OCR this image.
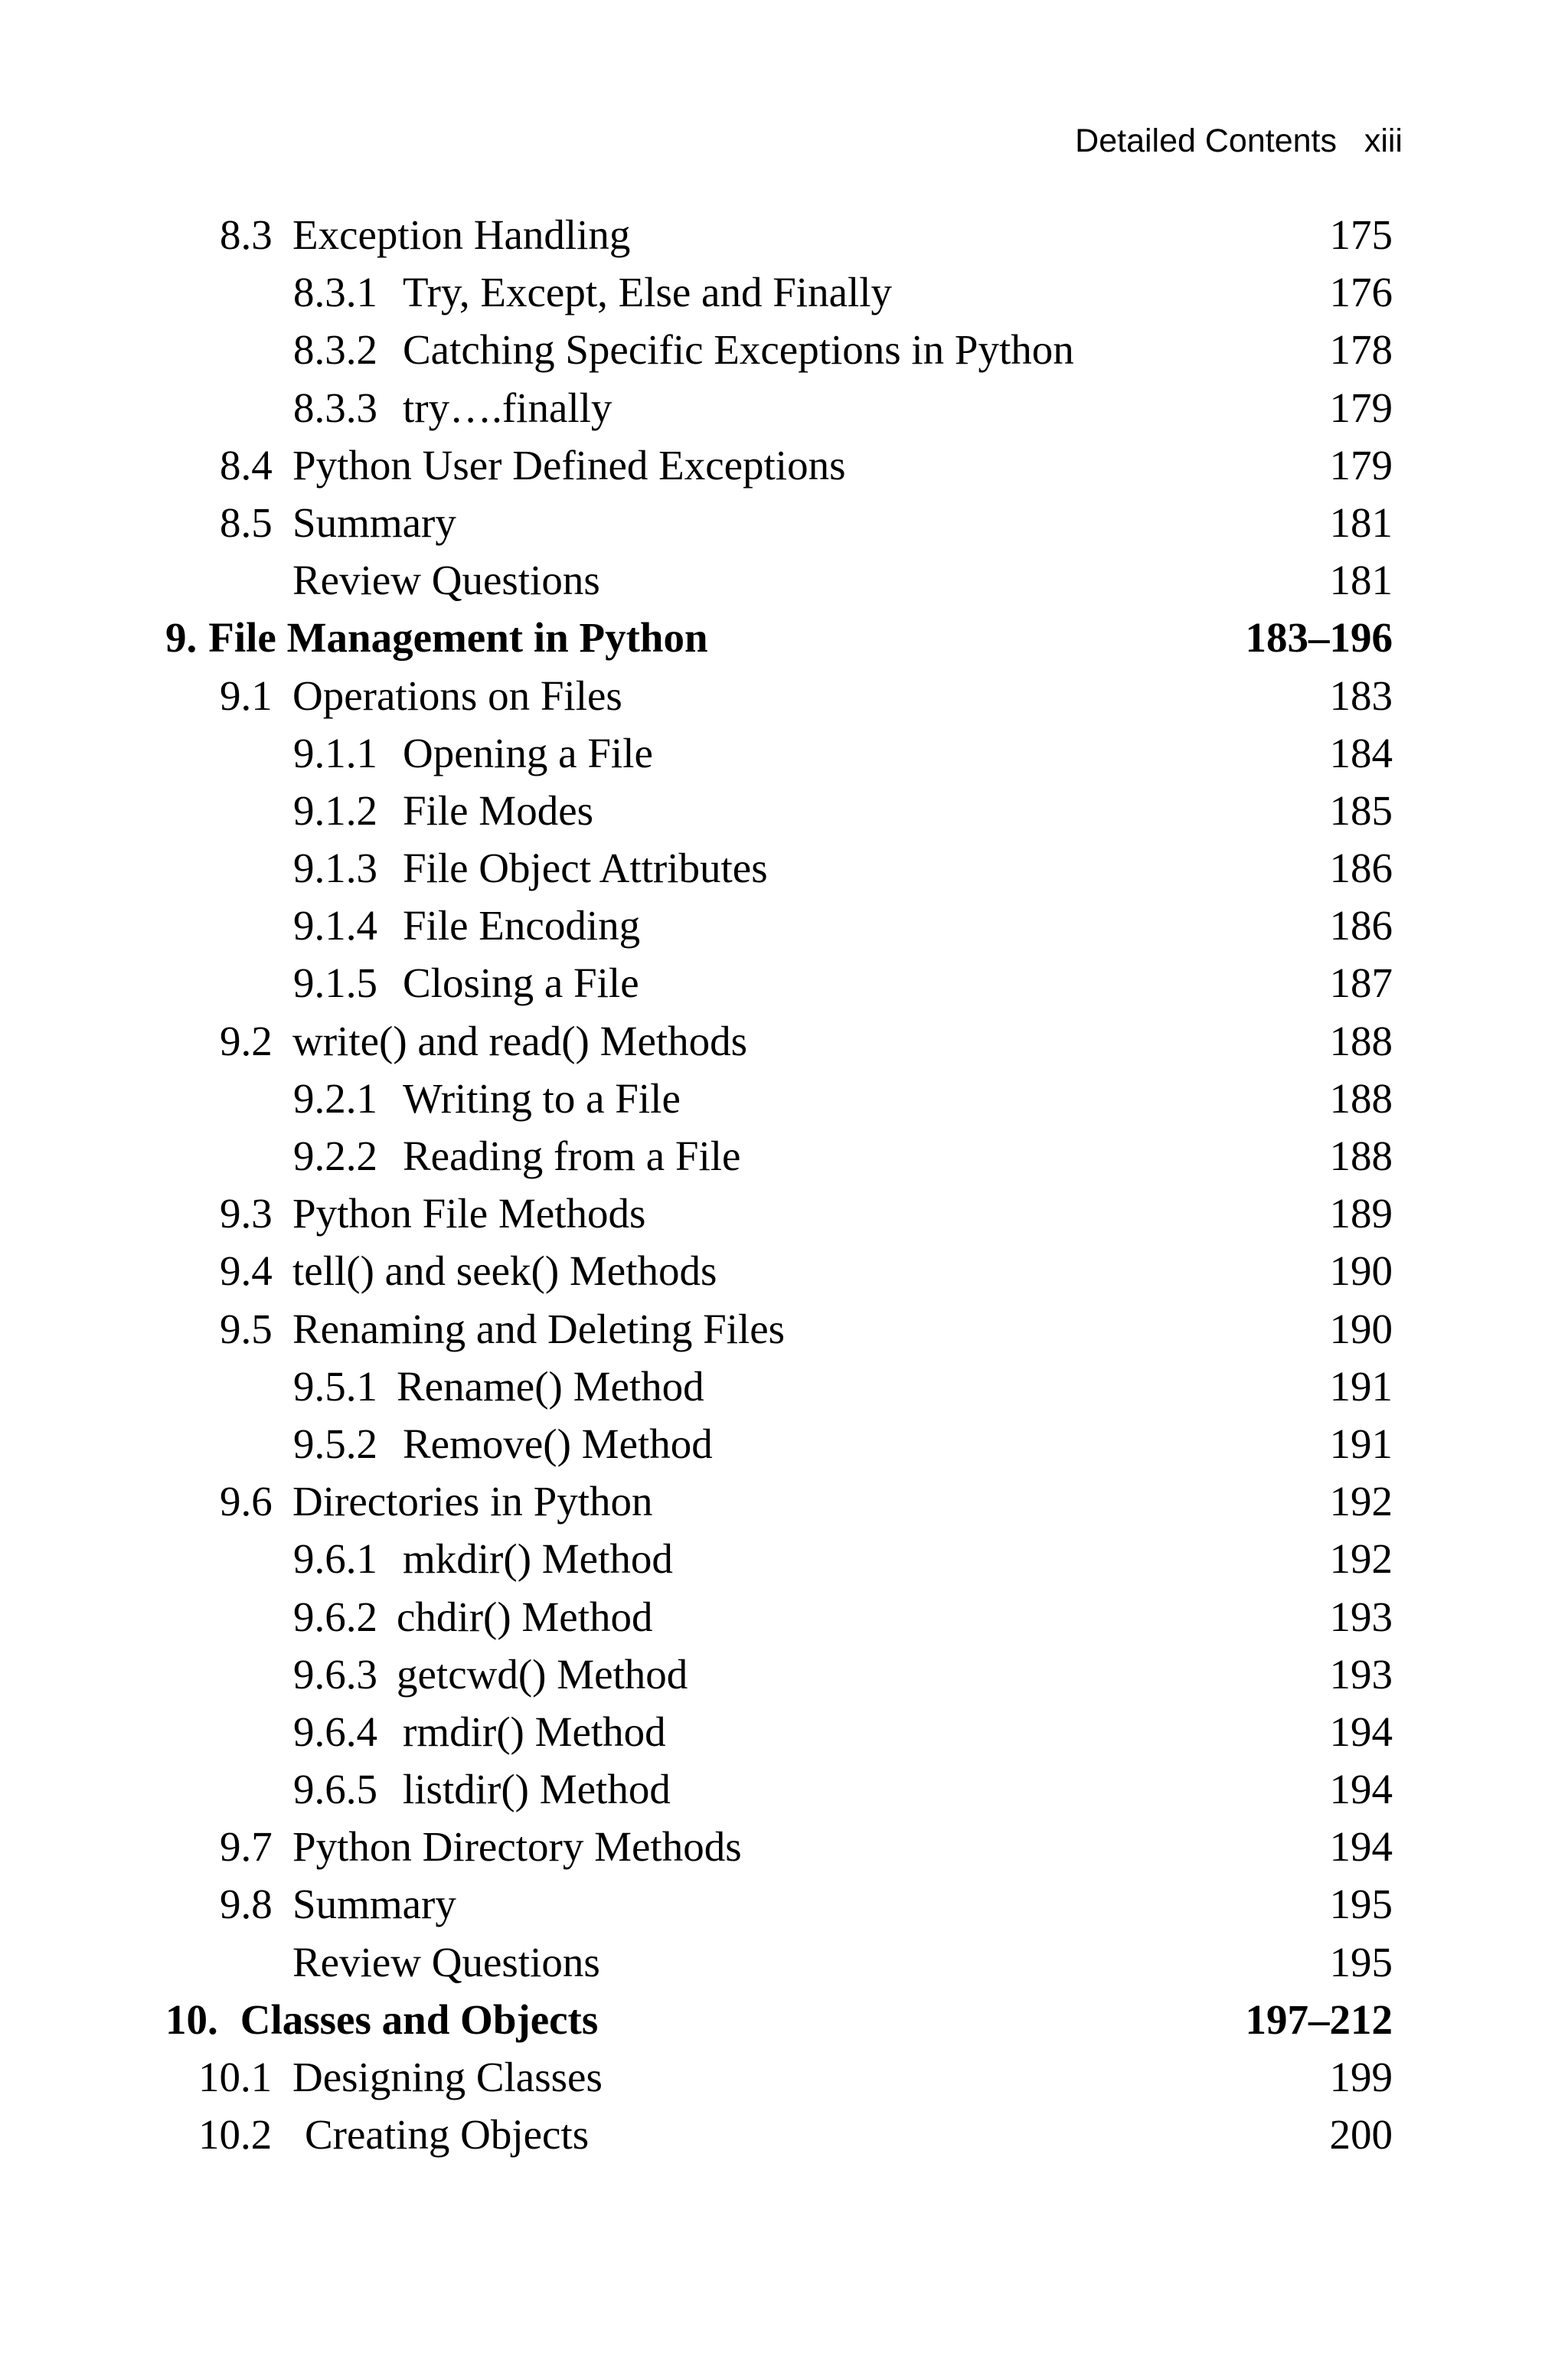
Detailed Contents xiii
8.3 Exception Handling	175
8.3.1 Try, Except, Else and Finally	176
8.3.2 Catching Specific Exceptions in Python	178
8.3.3 try….finally	179
8.4 Python User Defined Exceptions	179
8.5 Summary	181
Review Questions	181
9. File Management in Python	183–196
9.1 Operations on Files	183
9.1.1 Opening a File	184
9.1.2 File Modes	185
9.1.3 File Object Attributes	186
9.1.4 File Encoding	186
9.1.5 Closing a File	187
9.2 write() and read() Methods	188
9.2.1 Writing to a File	188
9.2.2 Reading from a File	188
9.3 Python File Methods	189
9.4 tell() and seek() Methods	190
9.5 Renaming and Deleting Files	190
9.5.1 Rename() Method	191
9.5.2 Remove() Method	191
9.6 Directories in Python	192
9.6.1 mkdir() Method	192
9.6.2 chdir() Method	193
9.6.3 getcwd() Method	193
9.6.4 rmdir() Method	194
9.6.5 listdir() Method	194
9.7 Python Directory Methods	194
9.8 Summary	195
Review Questions	195
10. Classes and Objects	197–212
10.1 Designing Classes	199
10.2 Creating Objects	200
